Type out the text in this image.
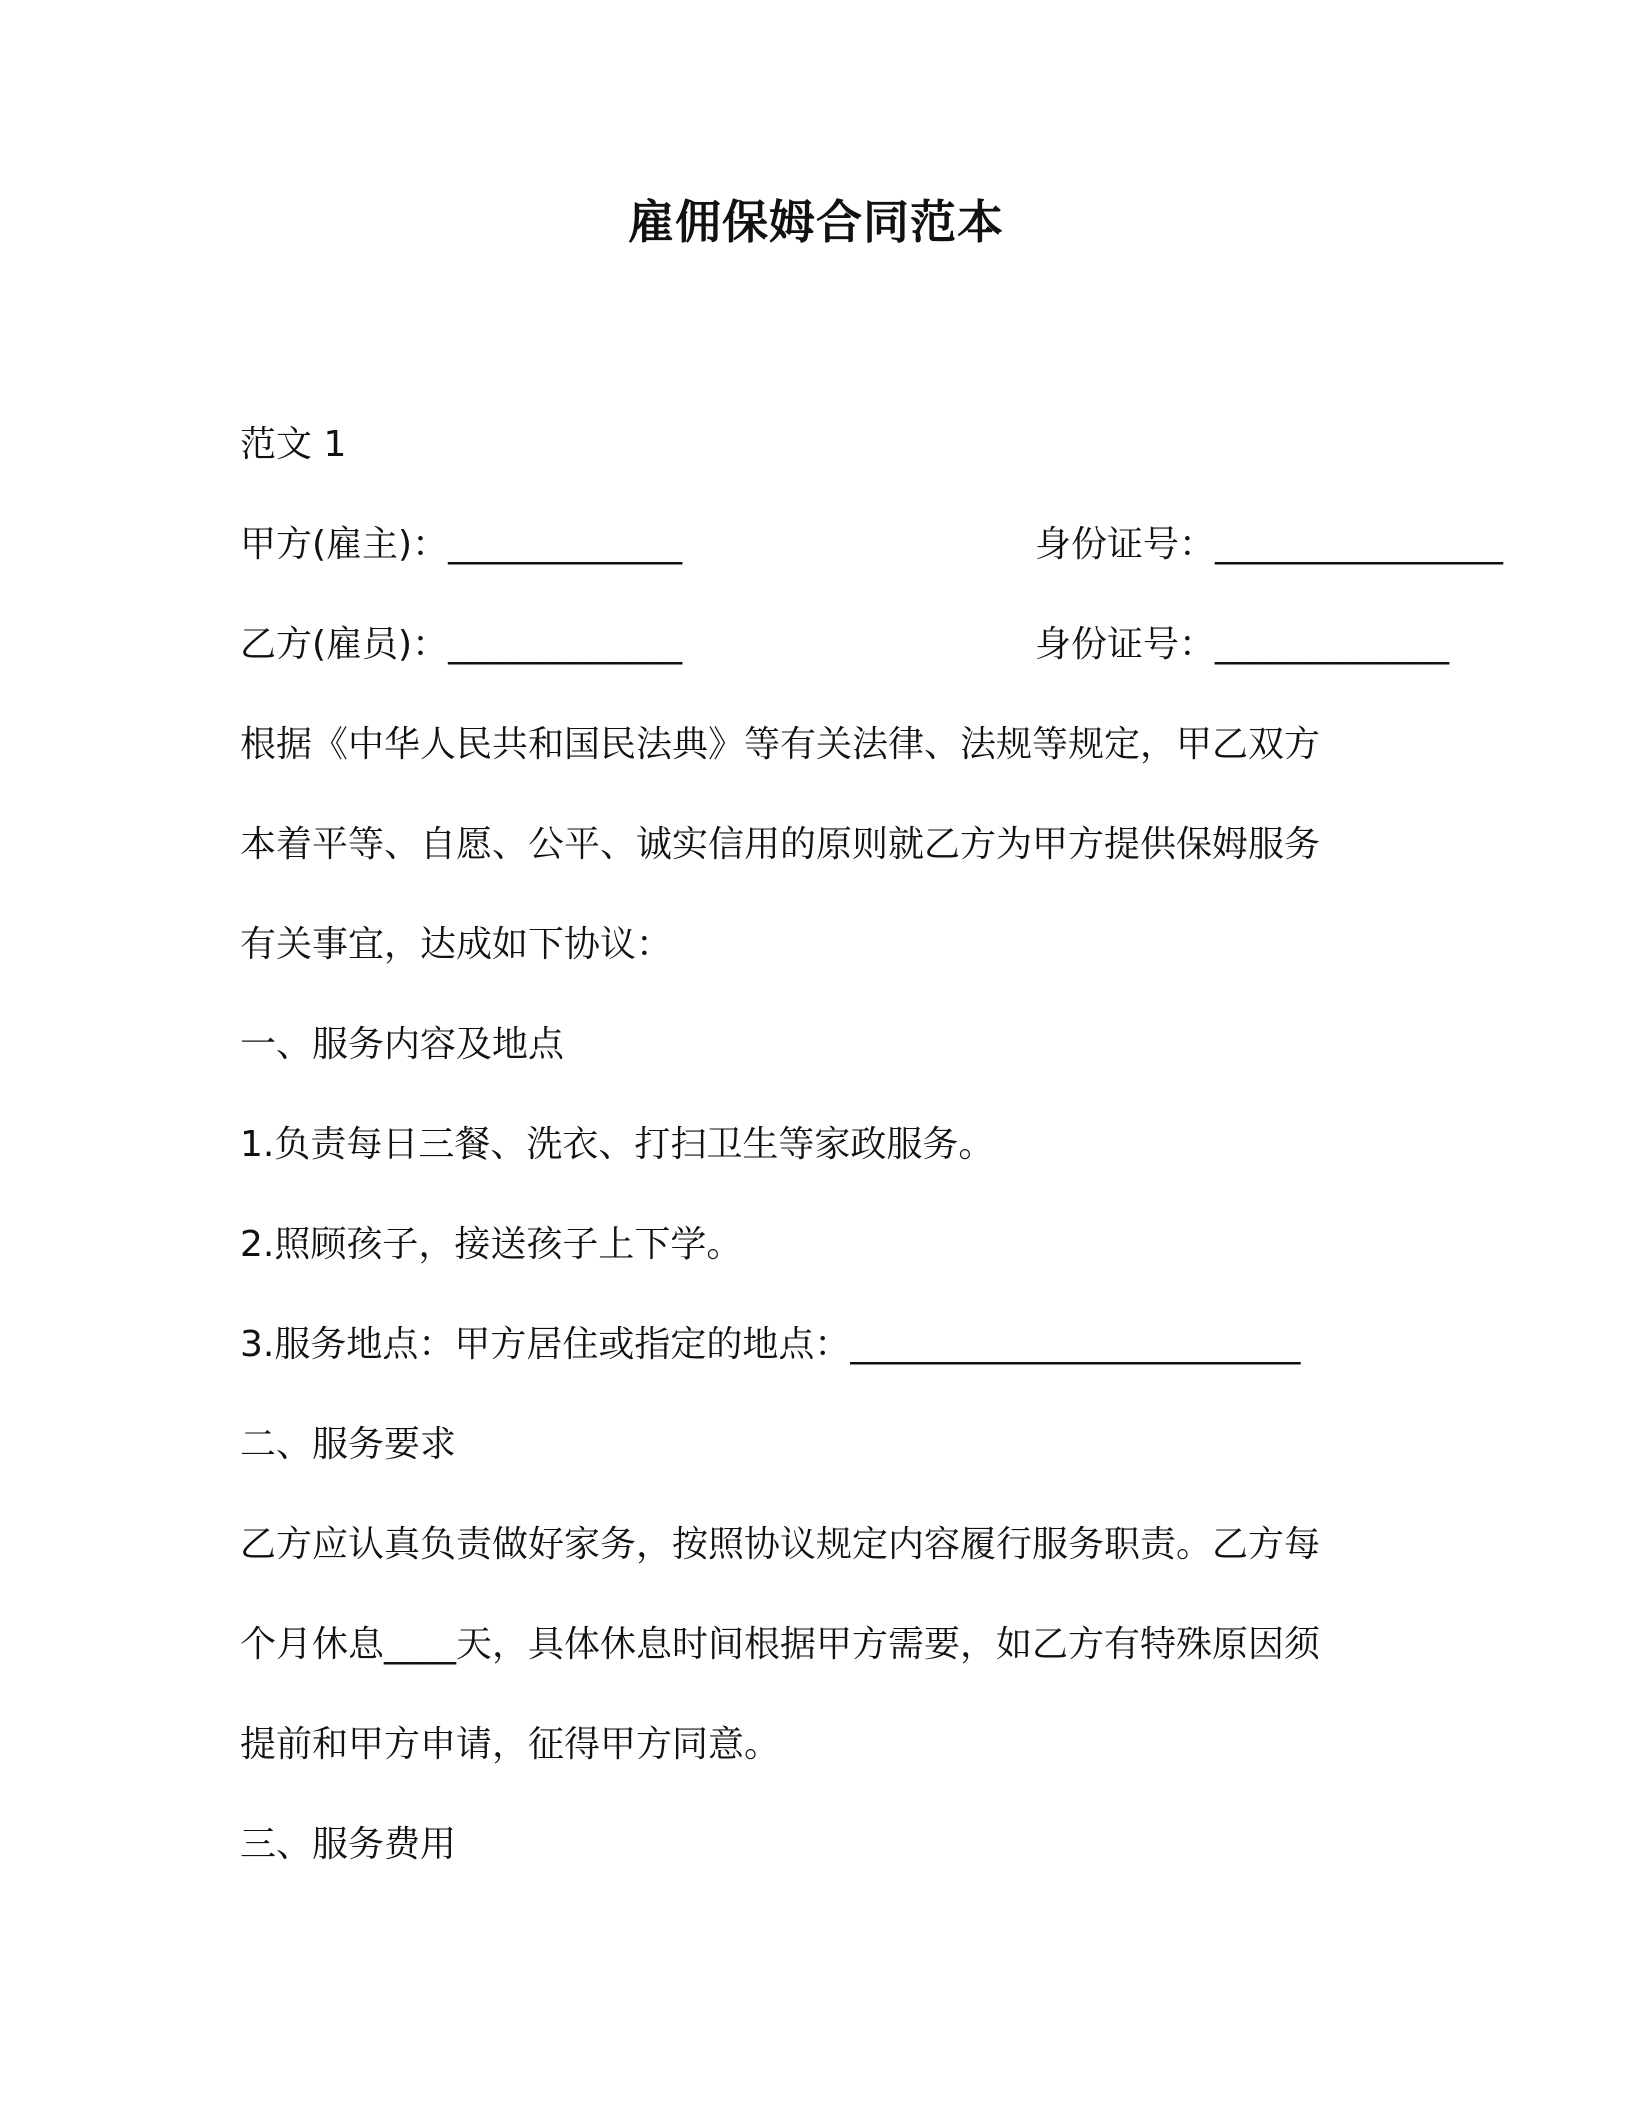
雇佣保姆合同范本
范文 1
甲方(雇主)：_____________	身份证号：________________
乙方(雇员)：_____________	身份证号：_____________
根据《中华人民共和国民法典》等有关法律、法规等规定，甲乙双方
本着平等、自愿、公平、诚实信用的原则就乙方为甲方提供保姆服务
有关事宜，达成如下协议：
一、服务内容及地点
1.负责每日三餐、洗衣、打扫卫生等家政服务。
2.照顾孩子，接送孩子上下学。
3.服务地点：甲方居住或指定的地点：_________________________
二、服务要求
乙方应认真负责做好家务，按照协议规定内容履行服务职责。乙方每
个月休息____天，具体休息时间根据甲方需要，如乙方有特殊原因须
提前和甲方申请，征得甲方同意。
三、服务费用
